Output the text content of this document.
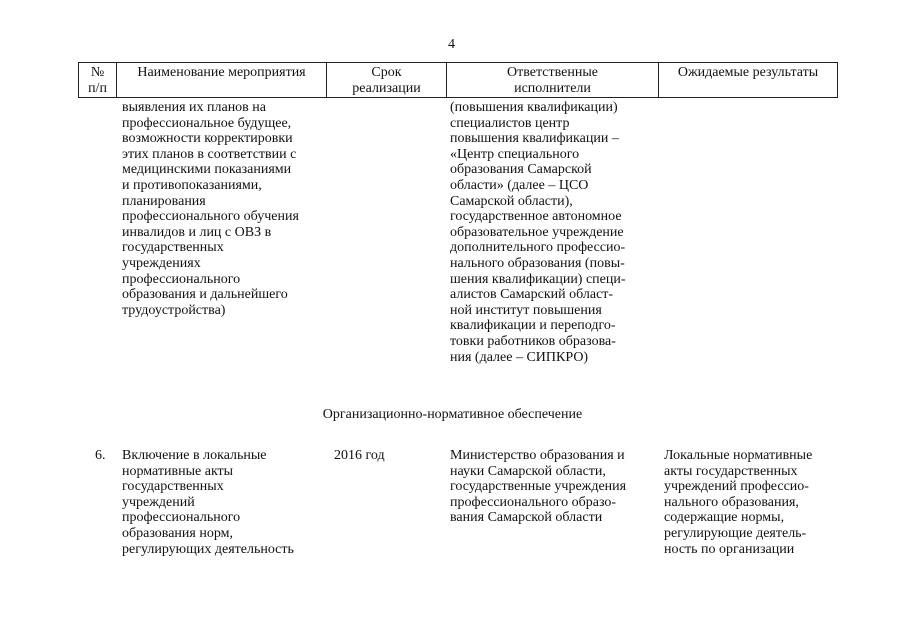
4
№
п/п
Наименование мероприятия	Срок
реализации
Ответственные
исполнители
Ожидаемые результаты
выявления их планов на
профессиональное будущее,
возможности корректировки
этих планов в соответствии с
медицинскими показаниями
и противопоказаниями,
планирования
профессионального обучения
инвалидов и лиц с ОВЗ в
государственных
учреждениях
профессионального
образования и дальнейшего
трудоустройства)
(повышения квалификации)
специалистов центр
повышения квалификации –
«Центр специального
образования Самарской
области» (далее – ЦСО
Самарской области),
государственное автономное
образовательное учреждение
дополнительного профессио-
нального образования (повы-
шения квалификации) специ-
алистов Самарский област-
ной институт повышения
квалификации и переподго-
товки работников образова-
ния (далее – СИПКРО)
Организационно-нормативное обеспечение
6. Включение в локальные
нормативные акты
государственных
учреждений
профессионального
образования норм,
регулирующих деятельность
2016 год	Министерство образования и
науки Самарской области,
государственные учреждения
профессионального образо-
вания Самарской области
Локальные нормативные
акты государственных
учреждений профессио-
нального образования,
содержащие нормы,
регулирующие деятель-
ность по организации
